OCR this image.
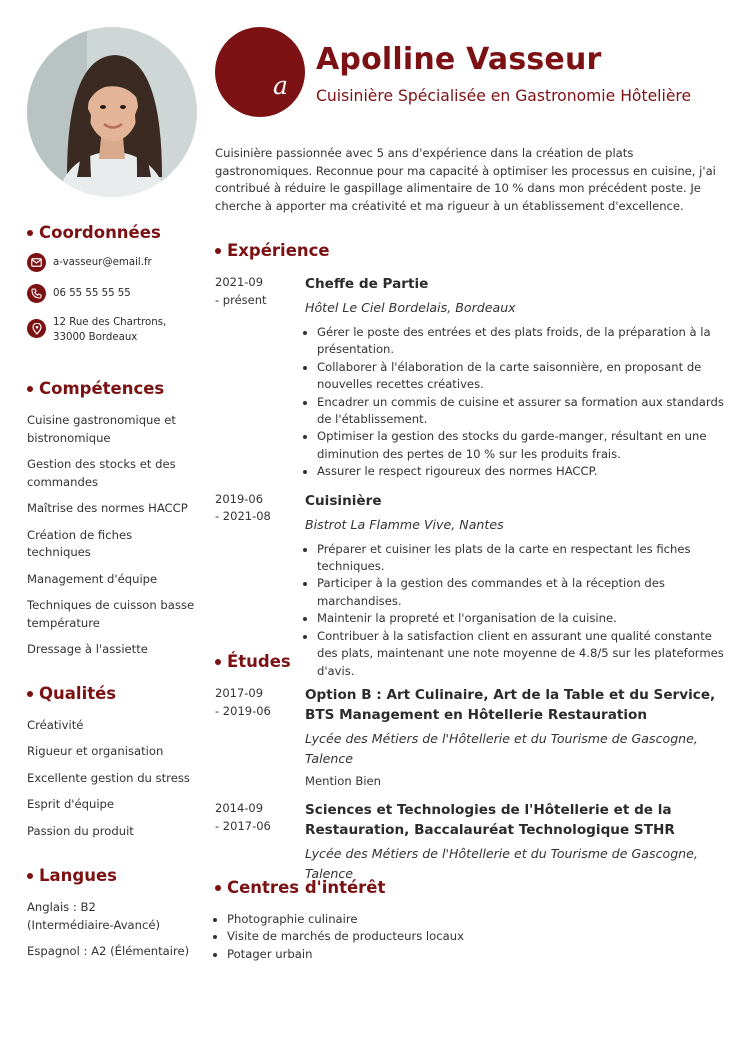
Coordonnées
a-vasseur@email.fr
06 55 55 55 55
12 Rue des Chartrons, 33000 Bordeaux
Compétences
Cuisine gastronomique et bistronomique
Gestion des stocks et des commandes
Maîtrise des normes HACCP
Création de fiches techniques
Management d'équipe
Techniques de cuisson basse température
Dressage à l'assiette
Qualités
Créativité
Rigueur et organisation
Excellente gestion du stress
Esprit d'équipe
Passion du produit
Langues
Anglais : B2 (Intermédiaire-Avancé)
Espagnol : A2 (Élémentaire)
a
Apolline Vasseur
Cuisinière Spécialisée en Gastronomie Hôtelière

Cuisinière passionnée avec 5 ans d'expérience dans la création de plats gastronomiques. Reconnue pour ma capacité à optimiser les processus en cuisine, j'ai contribué à réduire le gaspillage alimentaire de 10 % dans mon précédent poste. Je cherche à apporter ma créativité et ma rigueur à un établissement d'excellence.

Expérience
2021-09
- présent
Cheffe de Partie
Hôtel Le Ciel Bordelais, Bordeaux
• Gérer le poste des entrées et des plats froids, de la préparation à la présentation.
• Collaborer à l'élaboration de la carte saisonnière, en proposant de nouvelles recettes créatives.
• Encadrer un commis de cuisine et assurer sa formation aux standards de l'établissement.
• Optimiser la gestion des stocks du garde-manger, résultant en une diminution des pertes de 10 % sur les produits frais.
• Assurer le respect rigoureux des normes HACCP.
2019-06
- 2021-08
Cuisinière
Bistrot La Flamme Vive, Nantes
• Préparer et cuisiner les plats de la carte en respectant les fiches techniques.
• Participer à la gestion des commandes et à la réception des marchandises.
• Maintenir la propreté et l'organisation de la cuisine.
• Contribuer à la satisfaction client en assurant une qualité constante des plats, maintenant une note moyenne de 4.8/5 sur les plateformes d'avis.
Études
2017-09
- 2019-06
Option B : Art Culinaire, Art de la Table et du Service, BTS Management en Hôtellerie Restauration
Lycée des Métiers de l'Hôtellerie et du Tourisme de Gascogne, Talence
Mention Bien
2014-09
- 2017-06
Sciences et Technologies de l'Hôtellerie et de la Restauration, Baccalauréat Technologique STHR
Lycée des Métiers de l'Hôtellerie et du Tourisme de Gascogne, Talence
Centres d'intérêt
• Photographie culinaire
• Visite de marchés de producteurs locaux
• Potager urbain
